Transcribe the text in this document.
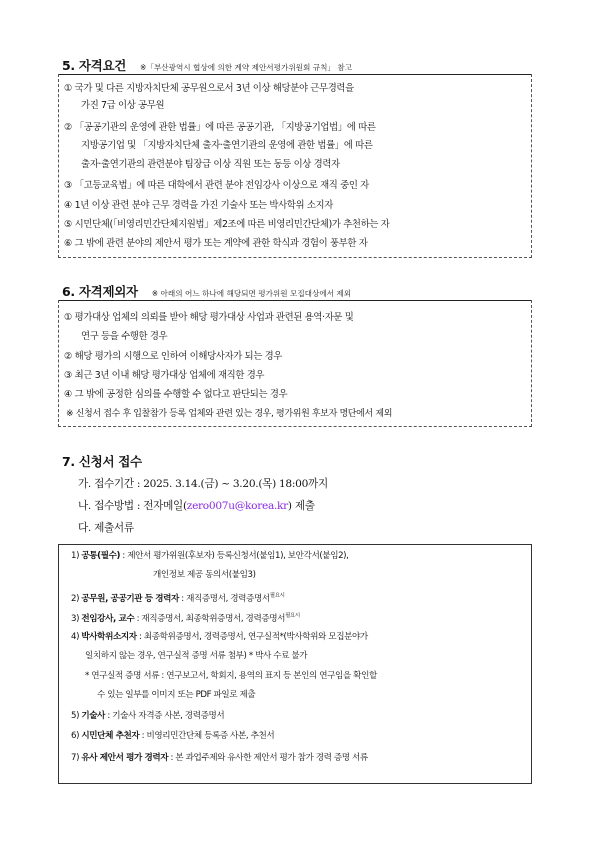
5. 자격요건 ※「부산광역시 협상에 의한 계약 제안서평가위원회 규칙」 참고
① 국가 및 다른 지방자치단체 공무원으로서 3년 이상 해당분야 근무경력을
가진 7급 이상 공무원
② 「공공기관의 운영에 관한 법률」에 따른 공공기관, 「지방공기업법」에 따른
지방공기업 및 「지방자치단체 출자·출연기관의 운영에 관한 법률」에 따른
출자·출연기관의 관련분야 팀장급 이상 직원 또는 동등 이상 경력자
③ 「고등교육법」에 따른 대학에서 관련 분야 전임강사 이상으로 재직 중인 자
④ 1년 이상 관련 분야 근무 경력을 가진 기술사 또는 박사학위 소지자
⑤ 시민단체(「비영리민간단체지원법」제2조에 따른 비영리민간단체)가 추천하는 자
⑥ 그 밖에 관련 분야의 제안서 평가 또는 계약에 관한 학식과 경험이 풍부한 자
6. 자격제외자 ※ 아래의 어느 하나에 해당되면 평가위원 모집대상에서 제외
① 평가대상 업체의 의뢰를 받아 해당 평가대상 사업과 관련된 용역·자문 및
연구 등을 수행한 경우
② 해당 평가의 시행으로 인하여 이해당사자가 되는 경우
③ 최근 3년 이내 해당 평가대상 업체에 재직한 경우
④ 그 밖에 공정한 심의를 수행할 수 없다고 판단되는 경우
※ 신청서 접수 후 입찰참가 등록 업체와 관련 있는 경우, 평가위원 후보자 명단에서 제외
7. 신청서 접수
가. 접수기간 : 2025. 3.14.(금) ~ 3.20.(목) 18:00까지
나. 접수방법 : 전자메일(zero007u@korea.kr) 제출
다. 제출서류
1) 공통(필수) : 제안서 평가위원(후보자) 등록신청서(붙임1), 보안각서(붙임2),
개인정보 제공 동의서(붙임3)
2) 공무원, 공공기관 등 경력자 : 재직증명서, 경력증명서$^{필요시}$
3) 전임강사, 교수 : 재직증명서, 최종학위증명서, 경력증명서$^{필요시}$
4) 박사학위소지자 : 최종학위증명서, 경력증명서, 연구실적*(박사학위와 모집분야가
일치하지 않는 경우, 연구실적 증명 서류 첨부) * 박사 수료 불가
* 연구실적 증명 서류 : 연구보고서, 학회지, 용역의 표지 등 본인의 연구임을 확인할
수 있는 일부를 이미지 또는 PDF 파일로 제출
5) 기술사 : 기술사 자격증 사본, 경력증명서
6) 시민단체 추천자 : 비영리민간단체 등록증 사본, 추천서
7) 유사 제안서 평가 경력자 : 본 과업주제와 유사한 제안서 평가 참가 경력 증명 서류
